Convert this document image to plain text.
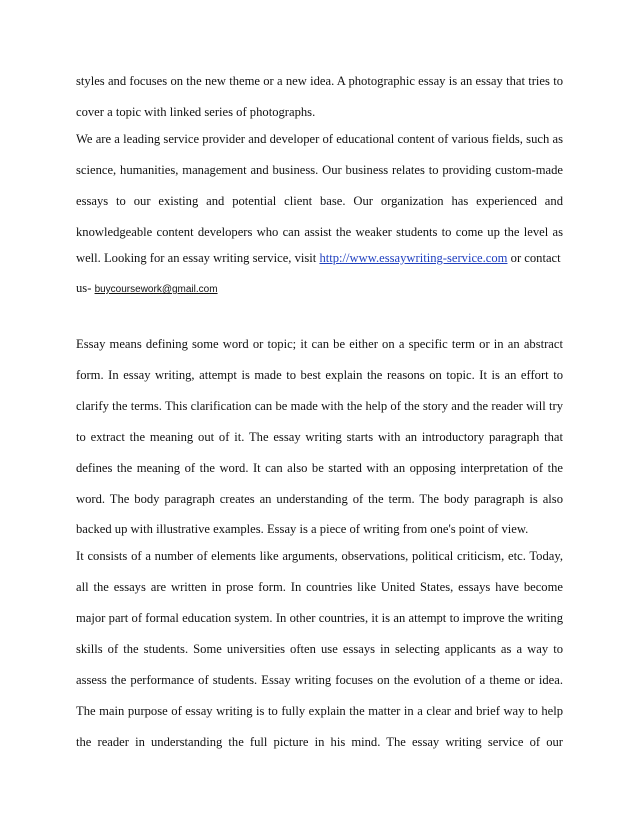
styles and focuses on the new theme or a new idea. A photographic essay is an essay that tries to
cover a topic with linked series of photographs.
We are a leading service provider and developer of educational content of various fields, such as
science, humanities, management and business. Our business relates to providing custom-made
essays to our existing and potential client base. Our organization has experienced and
knowledgeable content developers who can assist the weaker students to come up the level as
well. Looking for an essay writing service, visit http://www.essaywriting-service.com or contact
us- buycoursework@gmail.com
Essay means defining some word or topic; it can be either on a specific term or in an abstract
form. In essay writing, attempt is made to best explain the reasons on topic. It is an effort to
clarify the terms. This clarification can be made with the help of the story and the reader will try
to extract the meaning out of it. The essay writing starts with an introductory paragraph that
defines the meaning of the word. It can also be started with an opposing interpretation of the
word. The body paragraph creates an understanding of the term. The body paragraph is also
backed up with illustrative examples. Essay is a piece of writing from one's point of view.
It consists of a number of elements like arguments, observations, political criticism, etc. Today,
all the essays are written in prose form. In countries like United States, essays have become
major part of formal education system. In other countries, it is an attempt to improve the writing
skills of the students. Some universities often use essays in selecting applicants as a way to
assess the performance of students. Essay writing focuses on the evolution of a theme or idea.
The main purpose of essay writing is to fully explain the matter in a clear and brief way to help
the reader in understanding the full picture in his mind. The essay writing service of our
